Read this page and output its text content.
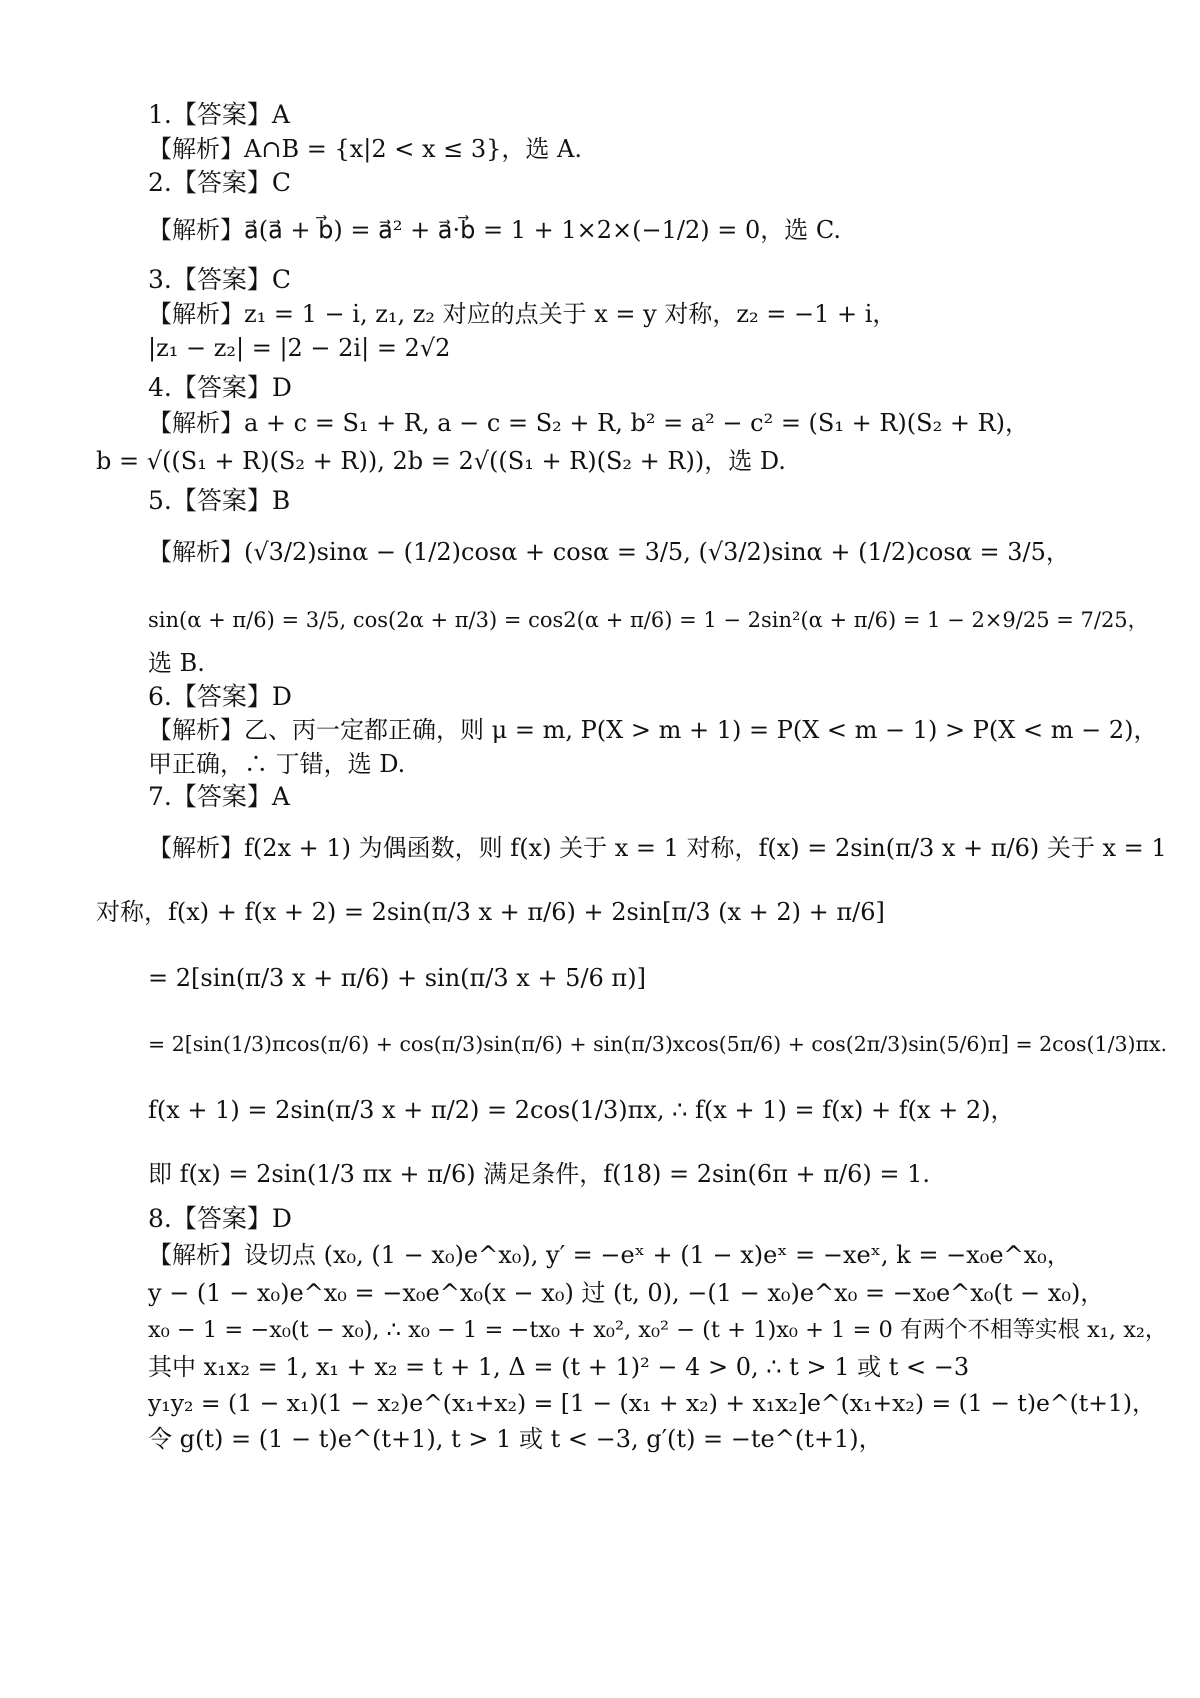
1.【答案】A
【解析】A∩B = {x|2 < x ≤ 3}，选 A.
2.【答案】C
【解析】a⃗(a⃗ + b⃗) = a⃗² + a⃗·b⃗ = 1 + 1×2×(−1/2) = 0，选 C.
3.【答案】C
【解析】z₁ = 1 − i, z₁, z₂ 对应的点关于 x = y 对称，z₂ = −1 + i，
|z₁ − z₂| = |2 − 2i| = 2√2
4.【答案】D
【解析】a + c = S₁ + R, a − c = S₂ + R, b² = a² − c² = (S₁ + R)(S₂ + R)，
b = √((S₁ + R)(S₂ + R)), 2b = 2√((S₁ + R)(S₂ + R))，选 D.
5.【答案】B
【解析】(√3/2)sinα − (1/2)cosα + cosα = 3/5, (√3/2)sinα + (1/2)cosα = 3/5，
sin(α + π/6) = 3/5, cos(2α + π/3) = cos2(α + π/6) = 1 − 2sin²(α + π/6) = 1 − 2×9/25 = 7/25，
选 B.
6.【答案】D
【解析】乙、丙一定都正确，则 μ = m, P(X > m + 1) = P(X < m − 1) > P(X < m − 2)，
甲正确，∴ 丁错，选 D.
7.【答案】A
【解析】f(2x + 1) 为偶函数，则 f(x) 关于 x = 1 对称，f(x) = 2sin(π/3 x + π/6) 关于 x = 1
对称，f(x) + f(x + 2) = 2sin(π/3 x + π/6) + 2sin[π/3 (x + 2) + π/6]
= 2[sin(π/3 x + π/6) + sin(π/3 x + 5/6 π)]
= 2[sin(1/3)πcos(π/6) + cos(π/3)sin(π/6) + sin(π/3)xcos(5π/6) + cos(2π/3)sin(5/6)π] = 2cos(1/3)πx.
f(x + 1) = 2sin(π/3 x + π/2) = 2cos(1/3)πx, ∴ f(x + 1) = f(x) + f(x + 2)，
即 f(x) = 2sin(1/3 πx + π/6) 满足条件，f(18) = 2sin(6π + π/6) = 1.
8.【答案】D
【解析】设切点 (x₀, (1 − x₀)e^x₀), y′ = −eˣ + (1 − x)eˣ = −xeˣ, k = −x₀e^x₀，
y − (1 − x₀)e^x₀ = −x₀e^x₀(x − x₀) 过 (t, 0), −(1 − x₀)e^x₀ = −x₀e^x₀(t − x₀)，
x₀ − 1 = −x₀(t − x₀), ∴ x₀ − 1 = −tx₀ + x₀², x₀² − (t + 1)x₀ + 1 = 0 有两个不相等实根 x₁, x₂，
其中 x₁x₂ = 1, x₁ + x₂ = t + 1, Δ = (t + 1)² − 4 > 0, ∴ t > 1 或 t < −3
y₁y₂ = (1 − x₁)(1 − x₂)e^(x₁+x₂) = [1 − (x₁ + x₂) + x₁x₂]e^(x₁+x₂) = (1 − t)e^(t+1)，
令 g(t) = (1 − t)e^(t+1), t > 1 或 t < −3, g′(t) = −te^(t+1)，
